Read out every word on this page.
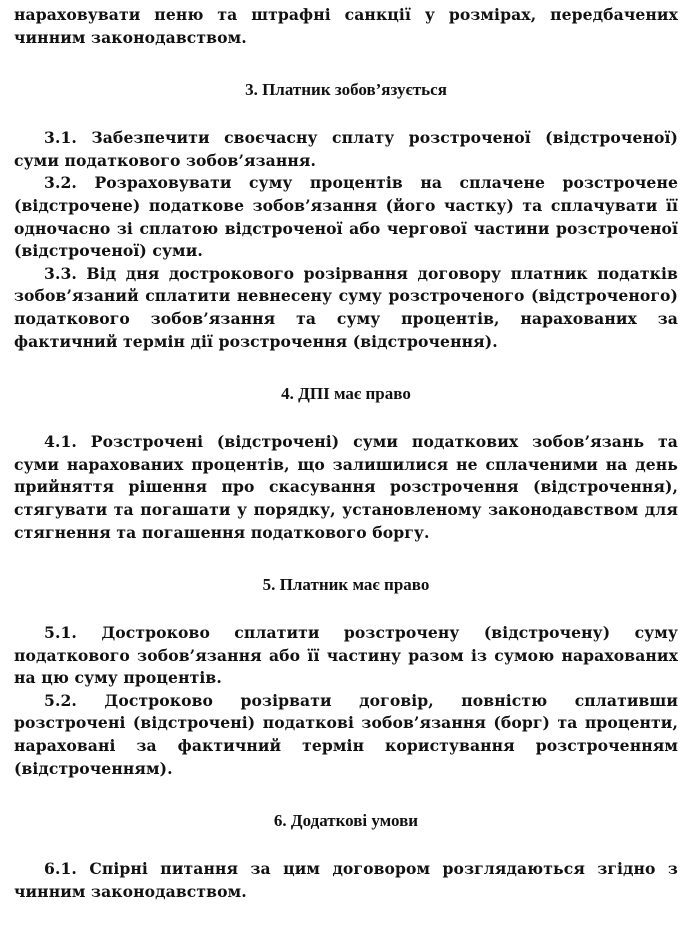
нараховувати пеню та штрафні санкції у розмірах, передбачених чинним законодавством.

3. Платник зобов’язується

3.1. Забезпечити своєчасну сплату розстроченої (відстроченої) суми податкового зобов’язання.

3.2. Розраховувати суму процентів на сплачене розстрочене (відстрочене) податкове зобов’язання (його частку) та сплачувати її одночасно зі сплатою відстроченої або чергової частини розстроченої (відстроченої) суми.

3.3. Від дня дострокового розірвання договору платник податків зобов’язаний сплатити невнесену суму розстроченого (відстроченого) податкового зобов’язання та суму процентів, нарахованих за фактичний термін дії розстрочення (відстрочення).

4. ДПІ має право

4.1. Розстрочені (відстрочені) суми податкових зобов’язань та суми нарахованих процентів, що залишилися не сплаченими на день прийняття рішення про скасування розстрочення (відстрочення), стягувати та погашати у порядку, установленому законодавством для стягнення та погашення податкового боргу.

5. Платник має право

5.1. Достроково сплатити розстрочену (відстрочену) суму податкового зобов’язання або її частину разом із сумою нарахованих на цю суму процентів.

5.2. Достроково розірвати договір, повністю сплативши розстрочені (відстрочені) податкові зобов’язання (борг) та проценти, нараховані за фактичний термін користування розстроченням (відстроченням).

6. Додаткові умови

6.1. Спірні питання за цим договором розглядаються згідно з чинним законодавством.
